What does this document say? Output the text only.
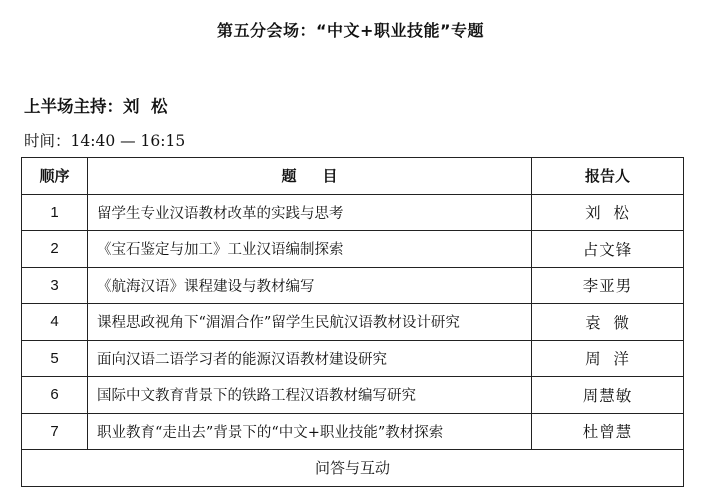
第五分会场：“中文+职业技能”专题
上半场主持：刘  松
时间：14:40 — 16:15
顺序	题目	报告人
1	留学生专业汉语教材改革的实践与思考	刘  松
2	《宝石鉴定与加工》工业汉语编制探索	占文锋
3	《航海汉语》课程建设与教材编写	李亚男
4	课程思政视角下“湄湄合作”留学生民航汉语教材设计研究	袁  微
5	面向汉语二语学习者的能源汉语教材建设研究	周  洋
6	国际中文教育背景下的铁路工程汉语教材编写研究	周慧敏
7	职业教育“走出去”背景下的“中文+职业技能”教材探索	杜曾慧
问答与互动		
